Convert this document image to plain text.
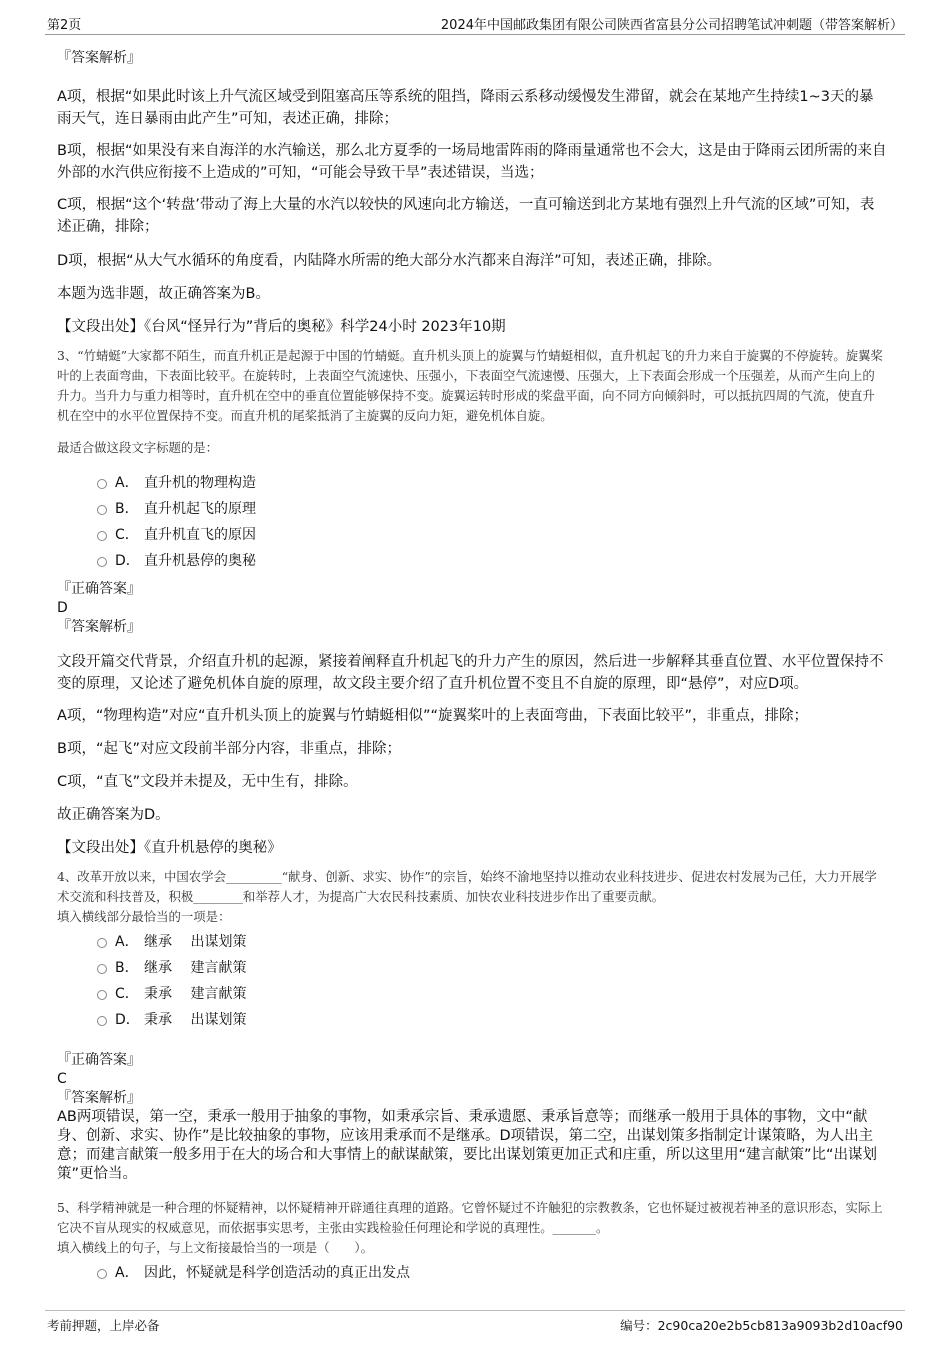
第2页	2024年中国邮政集团有限公司陕西省富县分公司招聘笔试冲刺题（带答案解析）

『答案解析』

A项，根据“如果此时该上升气流区域受到阻塞高压等系统的阻挡，降雨云系移动缓慢发生滞留，就会在某地产生持续1~3天的暴雨天气，连日暴雨由此产生”可知，表述正确，排除；

B项，根据“如果没有来自海洋的水汽输送，那么北方夏季的一场局地雷阵雨的降雨量通常也不会大，这是由于降雨云团所需的来自外部的水汽供应衔接不上造成的”可知，“可能会导致干旱”表述错误，当选；

C项，根据“这个‘转盘’带动了海上大量的水汽以较快的风速向北方输送，一直可输送到北方某地有强烈上升气流的区域”可知，表述正确，排除；

D项，根据“从大气水循环的角度看，内陆降水所需的绝大部分水汽都来自海洋”可知，表述正确，排除。

本题为选非题，故正确答案为B。

【文段出处】《台风“怪异行为”背后的奥秘》科学24小时 2023年10期

3、“竹蜻蜓”大家都不陌生，而直升机正是起源于中国的竹蜻蜓。直升机头顶上的旋翼与竹蜻蜓相似，直升机起飞的升力来自于旋翼的不停旋转。旋翼桨叶的上表面弯曲，下表面比较平。在旋转时，上表面空气流速快、压强小，下表面空气流速慢、压强大，上下表面会形成一个压强差，从而产生向上的升力。当升力与重力相等时，直升机在空中的垂直位置能够保持不变。旋翼运转时形成的桨盘平面，向不同方向倾斜时，可以抵抗四周的气流，使直升机在空中的水平位置保持不变。而直升机的尾桨抵消了主旋翼的反向力矩，避免机体自旋。

最适合做这段文字标题的是：

A． 直升机的物理构造
B． 直升机起飞的原理
C． 直升机直飞的原因
D． 直升机悬停的奥秘

『正确答案』

D

『答案解析』

文段开篇交代背景，介绍直升机的起源，紧接着阐释直升机起飞的升力产生的原因，然后进一步解释其垂直位置、水平位置保持不变的原理，又论述了避免机体自旋的原理，故文段主要介绍了直升机位置不变且不自旋的原理，即“悬停”，对应D项。

A项，“物理构造”对应“直升机头顶上的旋翼与竹蜻蜓相似”“旋翼桨叶的上表面弯曲，下表面比较平”，非重点，排除；

B项，“起飞”对应文段前半部分内容，非重点，排除；

C项，“直飞”文段并未提及，无中生有，排除。

故正确答案为D。

【文段出处】《直升机悬停的奥秘》

4、改革开放以来，中国农学会_________“献身、创新、求实、协作”的宗旨，始终不渝地坚持以推动农业科技进步、促进农村发展为己任，大力开展学术交流和科技普及，积极________和举荐人才，为提高广大农民科技素质、加快农业科技进步作出了重要贡献。

填入横线部分最恰当的一项是：

A． 继承　 出谋划策
B． 继承　 建言献策
C． 秉承　 建言献策
D． 秉承　 出谋划策

『正确答案』

C

『答案解析』

AB两项错误，第一空，秉承一般用于抽象的事物，如秉承宗旨、秉承遗愿、秉承旨意等；而继承一般用于具体的事物，文中“献身、创新、求实、协作”是比较抽象的事物，应该用秉承而不是继承。D项错误，第二空，出谋划策多指制定计谋策略，为人出主意；而建言献策一般多用于在大的场合和大事情上的献谋献策，要比出谋划策更加正式和庄重，所以这里用“建言献策”比“出谋划策”更恰当。

5、科学精神就是一种合理的怀疑精神，以怀疑精神开辟通往真理的道路。它曾怀疑过不许触犯的宗教教条，它也怀疑过被视若神圣的意识形态，实际上它决不盲从现实的权威意见，而依据事实思考，主张由实践检验任何理论和学说的真理性。_______。

填入横线上的句子，与上文衔接最恰当的一项是（　　）。

A． 因此，怀疑就是科学创造活动的真正出发点
考前押题，上岸必备	编号：2c90ca20e2b5cb813a9093b2d10acf90
